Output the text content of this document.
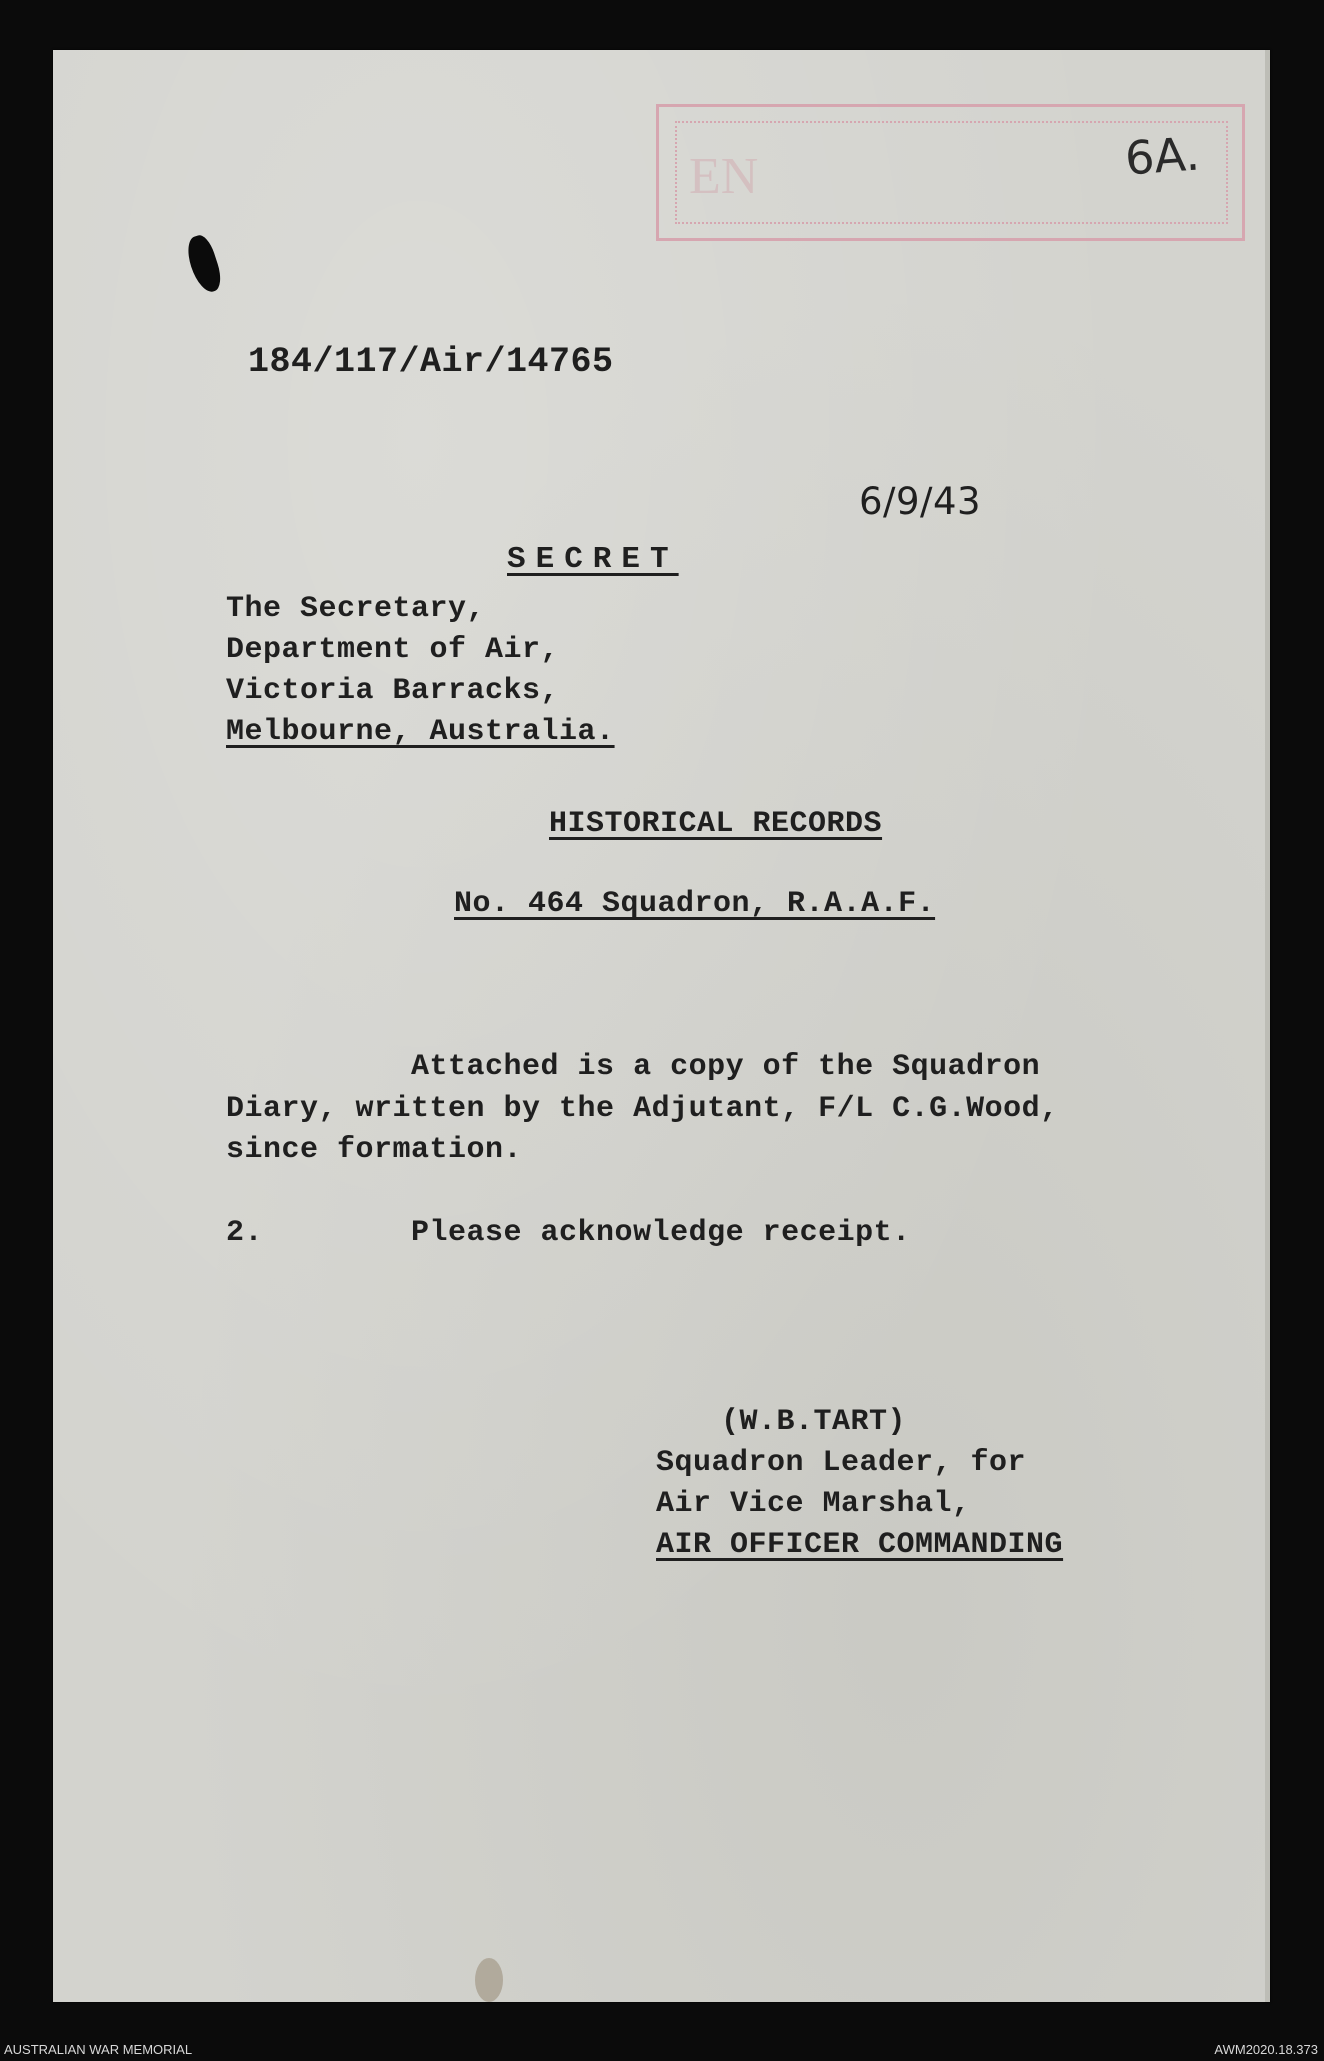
EN	6A.

184/117/Air/14765

6/9/43

SECRET

The Secretary,

Department of Air,

Victoria Barracks,

Melbourne, Australia.

HISTORICAL RECORDS

No. 464 Squadron, R.A.A.F.

Attached is a copy of the Squadron

Diary, written by the Adjutant, F/L C.G.Wood,

since formation.

2.        Please acknowledge receipt.

(W.B.TART)

Squadron Leader, for

Air Vice Marshal,

AIR OFFICER COMMANDING

AUSTRALIAN WAR MEMORIAL	AWM2020.18.373
